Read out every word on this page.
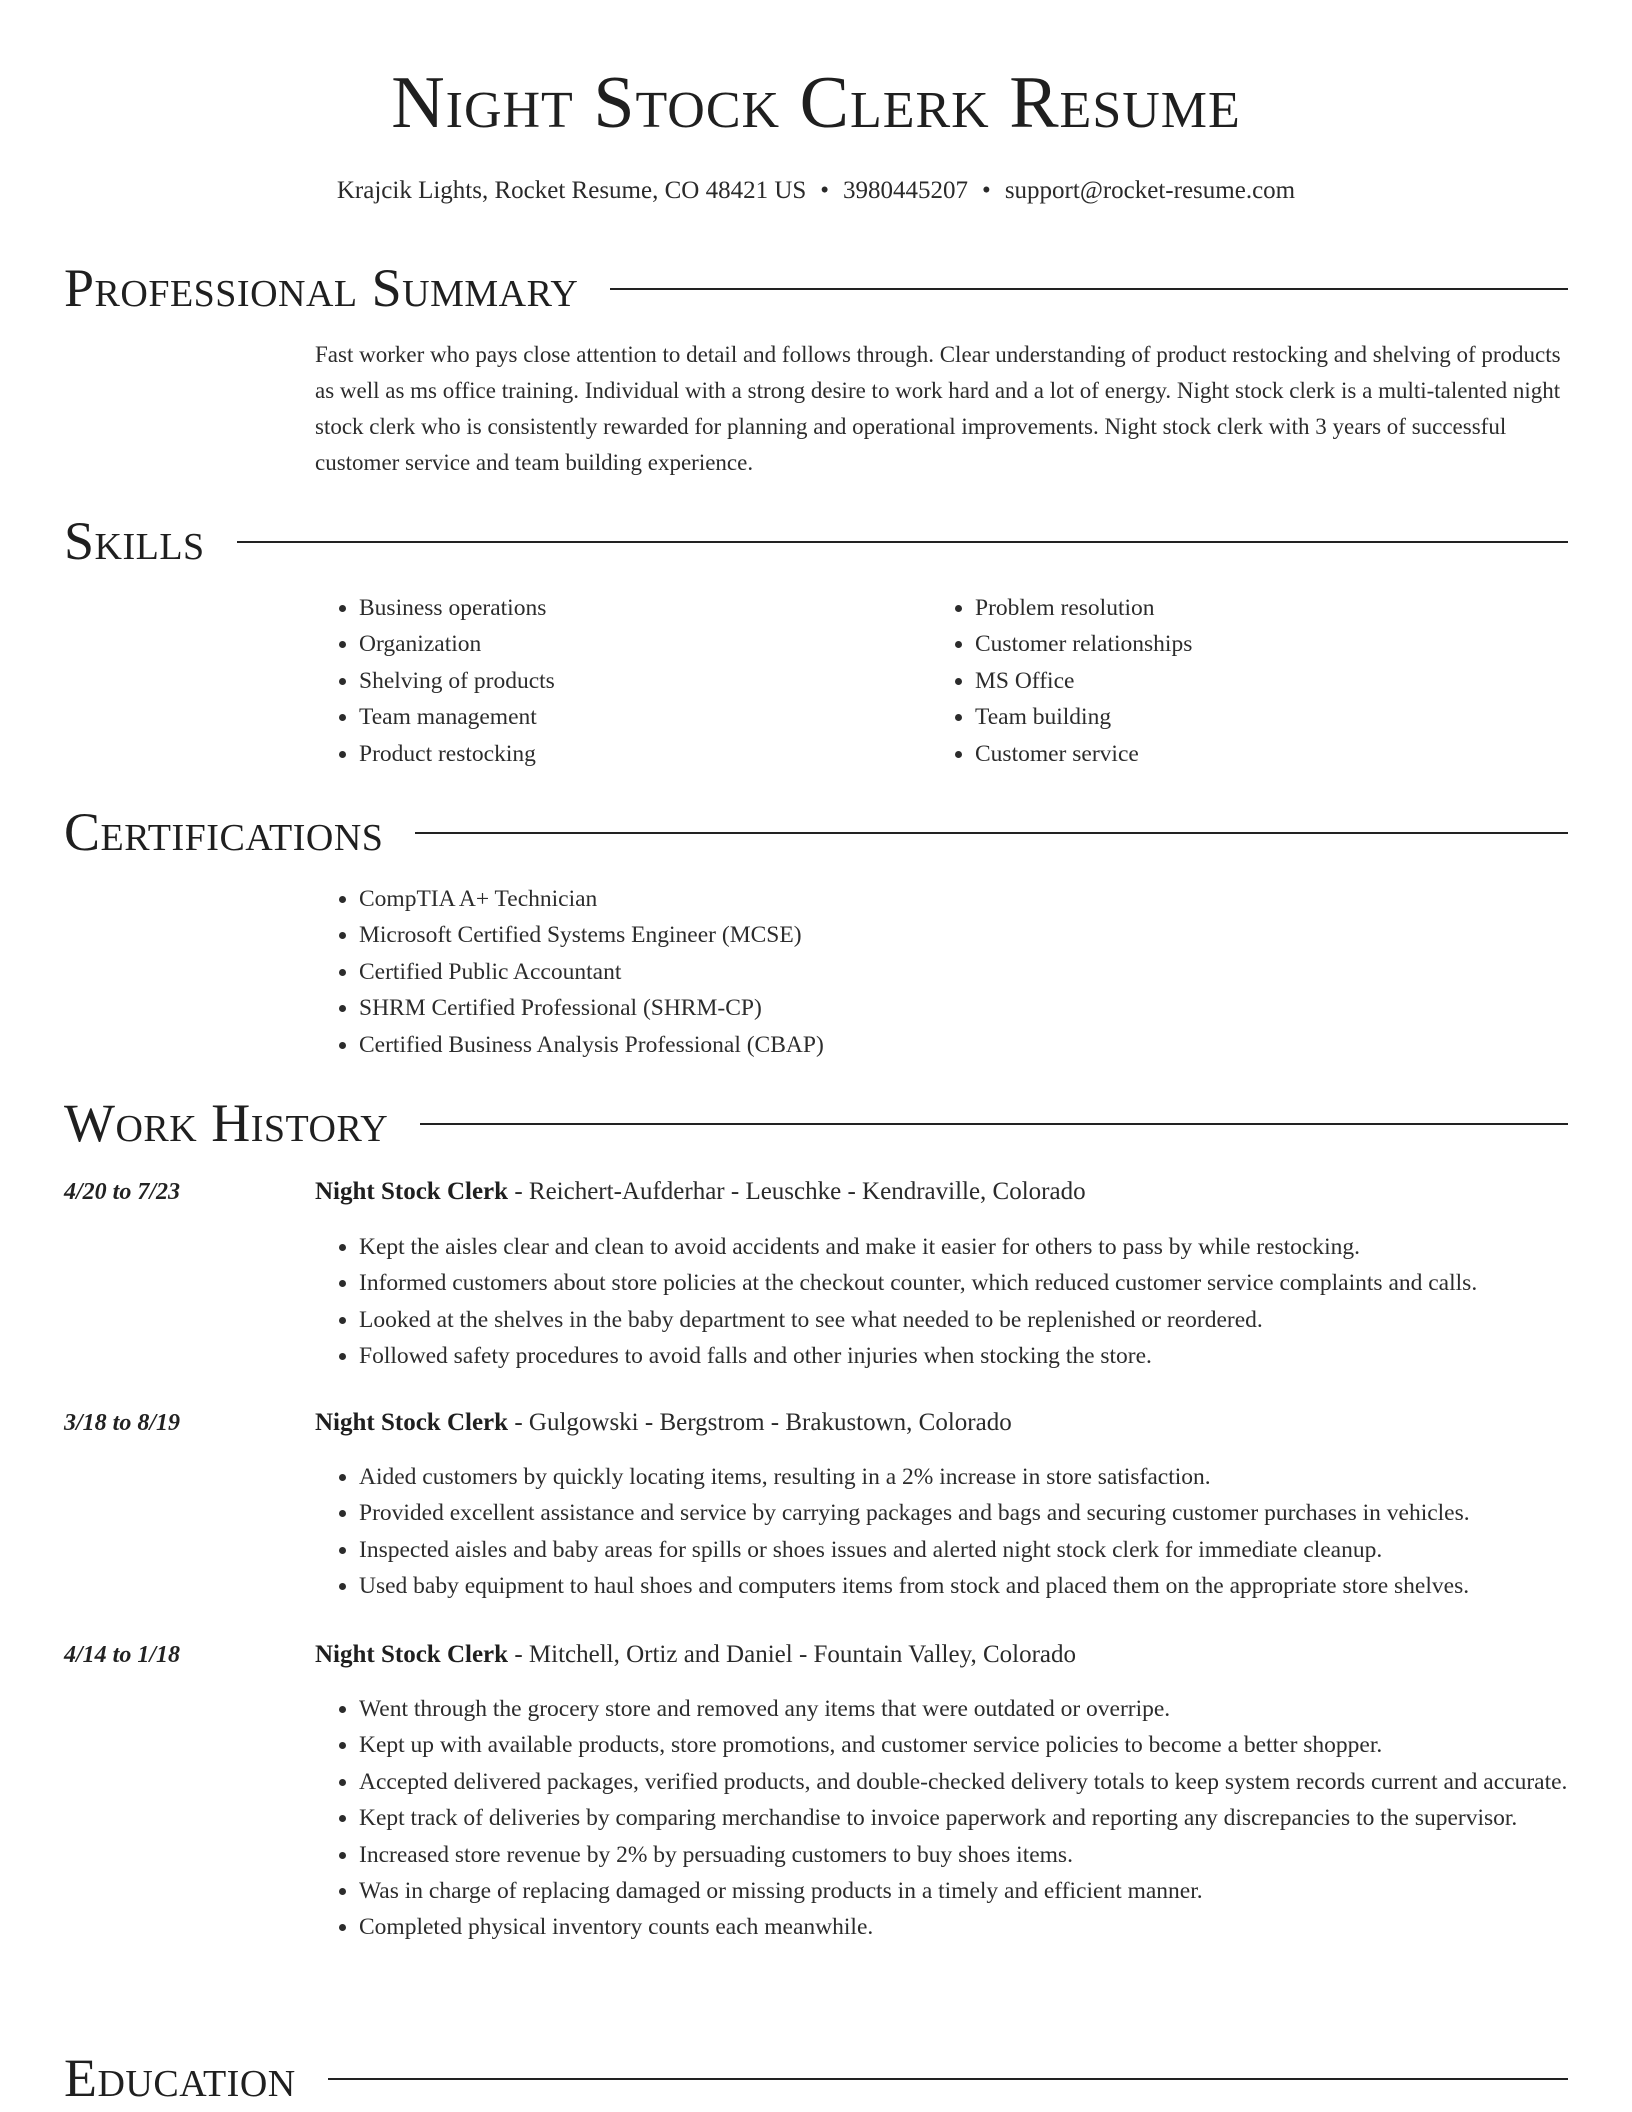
Night Stock Clerk Resume
Krajcik Lights, Rocket Resume, CO 48421 US • 3980445207 • support@rocket-resume.com
Professional Summary
Fast worker who pays close attention to detail and follows through. Clear understanding of product restocking and shelving of products as well as ms office training. Individual with a strong desire to work hard and a lot of energy. Night stock clerk is a multi-talented night stock clerk who is consistently rewarded for planning and operational improvements. Night stock clerk with 3 years of successful customer service and team building experience.
Skills
• Business operations
• Organization
• Shelving of products
• Team management
• Product restocking
• Problem resolution
• Customer relationships
• MS Office
• Team building
• Customer service
Certifications
• CompTIA A+ Technician
• Microsoft Certified Systems Engineer (MCSE)
• Certified Public Accountant
• SHRM Certified Professional (SHRM-CP)
• Certified Business Analysis Professional (CBAP)
Work History
4/20 to 7/23	Night Stock Clerk - Reichert-Aufderhar - Leuschke - Kendraville, Colorado
• Kept the aisles clear and clean to avoid accidents and make it easier for others to pass by while restocking.
• Informed customers about store policies at the checkout counter, which reduced customer service complaints and calls.
• Looked at the shelves in the baby department to see what needed to be replenished or reordered.
• Followed safety procedures to avoid falls and other injuries when stocking the store.
3/18 to 8/19	Night Stock Clerk - Gulgowski - Bergstrom - Brakustown, Colorado
• Aided customers by quickly locating items, resulting in a 2% increase in store satisfaction.
• Provided excellent assistance and service by carrying packages and bags and securing customer purchases in vehicles.
• Inspected aisles and baby areas for spills or shoes issues and alerted night stock clerk for immediate cleanup.
• Used baby equipment to haul shoes and computers items from stock and placed them on the appropriate store shelves.
4/14 to 1/18	Night Stock Clerk - Mitchell, Ortiz and Daniel - Fountain Valley, Colorado
• Went through the grocery store and removed any items that were outdated or overripe.
• Kept up with available products, store promotions, and customer service policies to become a better shopper.
• Accepted delivered packages, verified products, and double-checked delivery totals to keep system records current and accurate.
• Kept track of deliveries by comparing merchandise to invoice paperwork and reporting any discrepancies to the supervisor.
• Increased store revenue by 2% by persuading customers to buy shoes items.
• Was in charge of replacing damaged or missing products in a timely and efficient manner.
• Completed physical inventory counts each meanwhile.
Education
